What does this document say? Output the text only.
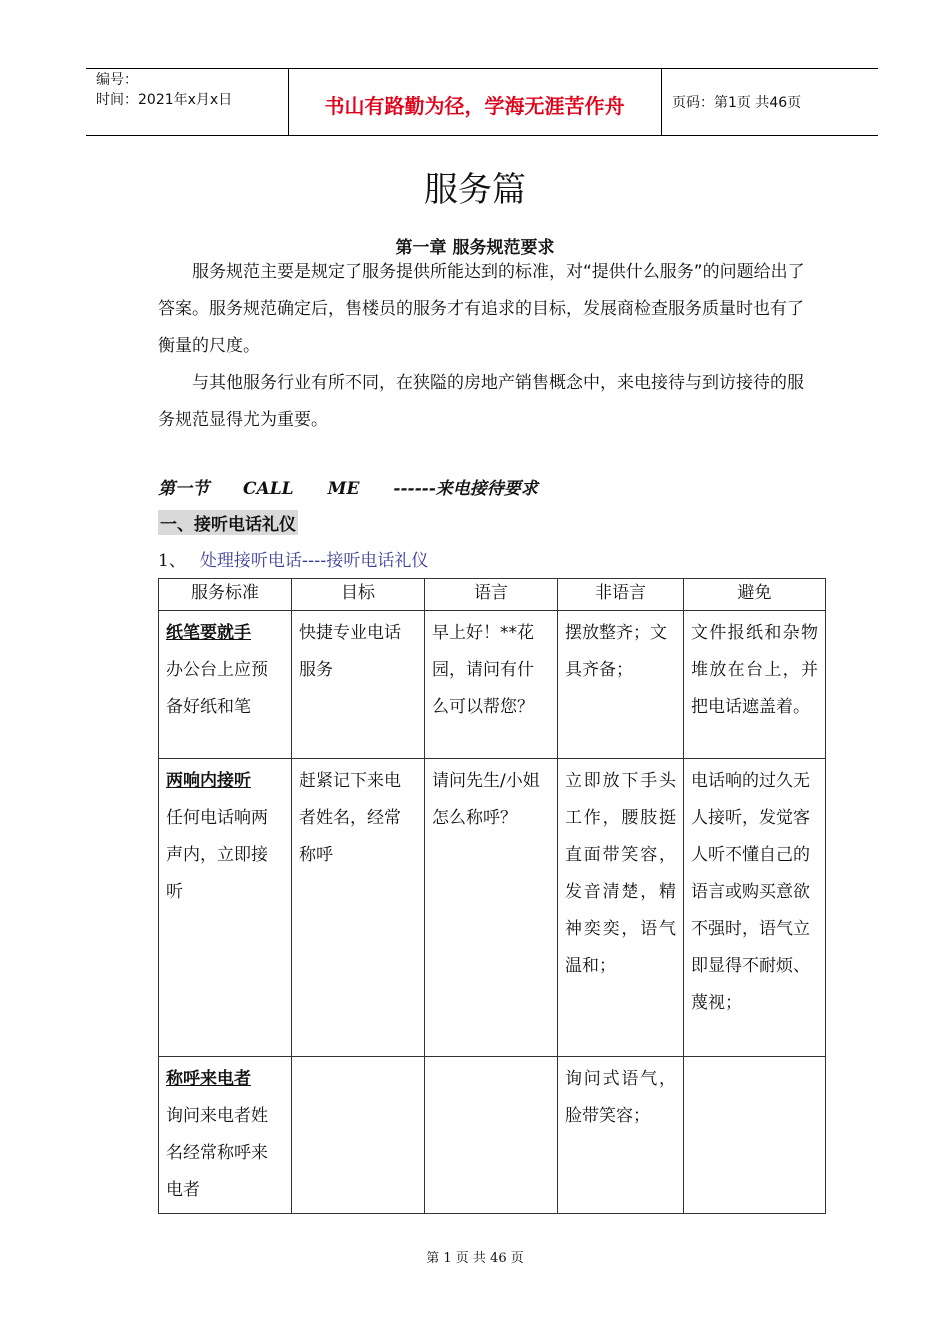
编号：
时间：2021年x月x日	书山有路勤为径，学海无涯苦作舟	页码：第1页 共46页
服务篇
第一章 服务规范要求
服务规范主要是规定了服务提供所能达到的标准，对“提供什么服务”的问题给出了答案。服务规范确定后，售楼员的服务才有追求的目标，发展商检查服务质量时也有了衡量的尺度。
与其他服务行业有所不同，在狭隘的房地产销售概念中，来电接待与到访接待的服务规范显得尤为重要。
第一节 CALL ME ------来电接待要求
一、接听电话礼仪
1、 处理接听电话----接听电话礼仪
服务标准	目标	语言	非语言	避免

纸笔要就手
办公台上应预备好纸和笔	快捷专业电话服务	早上好！**花园，请问有什么可以帮您？	摆放整齐；文具齐备；	文件报纸和杂物堆放在台上，并把电话遮盖着。

两响内接听
任何电话响两声内，立即接听	赶紧记下来电者姓名，经常称呼	请问先生/小姐怎么称呼？	立即放下手头工作，腰肢挺直面带笑容，发音清楚，精神奕奕，语气温和；	电话响的过久无人接听，发觉客人听不懂自己的语言或购买意欲不强时，语气立即显得不耐烦、蔑视；

称呼来电者
询问来电者姓名经常称呼来电者			询问式语气，脸带笑容；	
第 1 页 共 46 页
